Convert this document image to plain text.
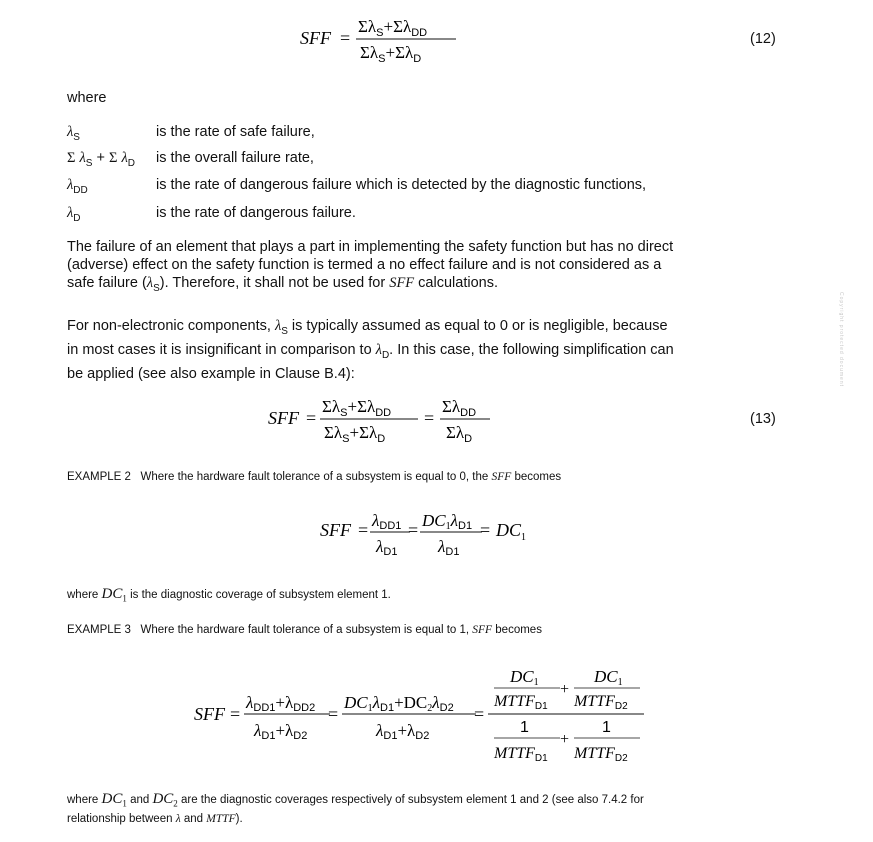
SFF =
$\Sigma\lambda_S+\Sigma\lambda_{DD}$
$\Sigma\lambda_S+\Sigma\lambda_D$
(12)
where
$\lambda_S$	is the rate of safe failure,
Σ $\lambda_S + \Sigma$ $\lambda_D$ is the overall failure rate,
$\lambda_{DD}$	is the rate of dangerous failure which is detected by the diagnostic functions,
$\lambda_D$	is the rate of dangerous failure.
The failure of an element that plays a part in implementing the safety function but has no direct
(adverse) effect on the safety function is termed a no effect failure and is not considered as a
safe failure $(\lambda_S)$. Therefore, it shall not be used for SFF calculations.
For non-electronic components, $\lambda_S$ is typically assumed as equal to 0 or is negligible, because
in most cases it is insignificant in comparison to $\lambda_D$. In this case, the following simplification can
be applied (see also example in Clause B.4):
SFF =
$\Sigma\lambda_S+\Sigma\lambda_{DD}$
$\Sigma\lambda_S+\Sigma\lambda_D$
=
$\Sigma\lambda_{DD}$
$\Sigma\lambda_D$
(13)
EXAMPLE 2 Where the hardware fault tolerance of a subsystem is equal to 0, the SFF becomes
SFF = λDD1
λD1
= DC1λD1
λD1
= $DC_1$
where $DC_1$ is the diagnostic coverage of subsystem element 1.
EXAMPLE 3 Where the hardware fault tolerance of a subsystem is equal to 1, SFF becomes
SFF =
λDD1+λDD2
λD1+λD2
=
DC1λD1+DC2λD2
λD1+λD2
=
DC1
MTTFD1
+
DC1
MTTFD2
1
MTTFD1
+
1
MTTFD2
where $DC_1$ and $DC_2$ are the diagnostic coverages respectively of subsystem element 1 and 2 (see also 7.4.2 for
relationship between λ and MTTF).
Copyright protected document
